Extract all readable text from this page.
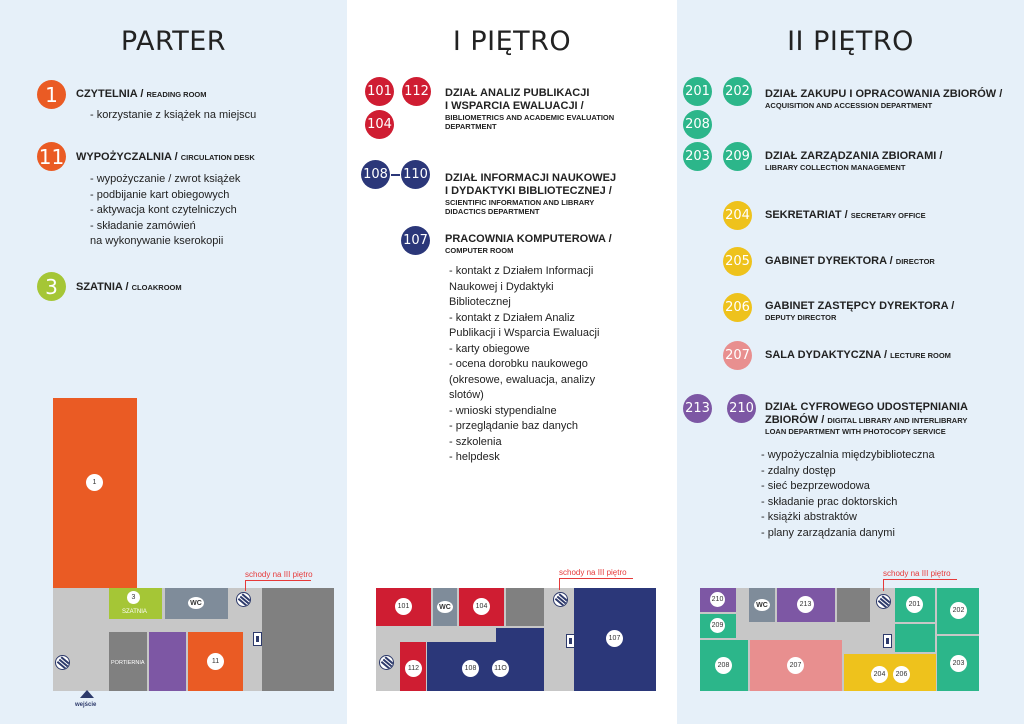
PARTER
1	CZYTELNIA / READING ROOM
- korzystanie z książek na miejscu
11 WYPOŻYCZALNIA / CIRCULATION DESK
- wypożyczanie / zwrot książek
- podbijanie kart obiegowych
- aktywacja kont czytelniczych
- składanie zamówień
na wykonywanie kserokopii
3	SZATNIA / CLOAKROOM
1
3
SZATNIA
WC
PORTIERNIA	11
schody na III piętro
wejście
I PIĘTRO
101 112
104
DZIAŁ ANALIZ PUBLIKACJI
I WSPARCIA EWALUACJI /
BIBLIOMETRICS AND ACADEMIC EVALUATION
DEPARTMENT
108 110 DZIAŁ INFORMACJI NAUKOWEJ
I DYDAKTYKI BIBLIOTECZNEJ /
SCIENTIFIC INFORMATION AND LIBRARY
DIDACTICS DEPARTMENT
107 PRACOWNIA KOMPUTEROWA /
COMPUTER ROOM
- kontakt z Działem Informacji
Naukowej i Dydaktyki
Bibliotecznej
- kontakt z Działem Analiz
Publikacji i Wsparcia Ewaluacji
- karty obiegowe
- ocena dorobku naukowego
(okresowe, ewaluacja, analizy
slotów)
- wnioski stypendialne
- przeglądanie baz danych
- szkolenia
- helpdesk
101	WC	104
107
112	108	11O
schody na III piętro
II PIĘTRO
201 202
208
DZIAŁ ZAKUPU I OPRACOWANIA ZBIORÓW /
ACQUISITION AND ACCESSION DEPARTMENT
203 209 DZIAŁ ZARZĄDZANIA ZBIORAMI /
LIBRARY COLLECTION MANAGEMENT
204 SEKRETARIAT / SECRETARY OFFICE
205 GABINET DYREKTORA / DIRECTOR
206 GABINET ZASTĘPCY DYREKTORA /
DEPUTY DIRECTOR
207 SALA DYDAKTYCZNA / LECTURE ROOM
213 210 DZIAŁ CYFROWEGO UDOSTĘPNIANIA
ZBIORÓW / DIGITAL LIBRARY AND INTERLIBRARY
LOAN DEPARTMENT WITH PHOTOCOPY SERVICE
- wypożyczalnia międzybiblioteczna
- zdalny dostęp
- sieć bezprzewodowa
- składanie prac doktorskich
- książki abstraktów
- plany zarządzania danymi
210
WC	213	201
202
209
208	207
204	206
203
schody na III piętro
